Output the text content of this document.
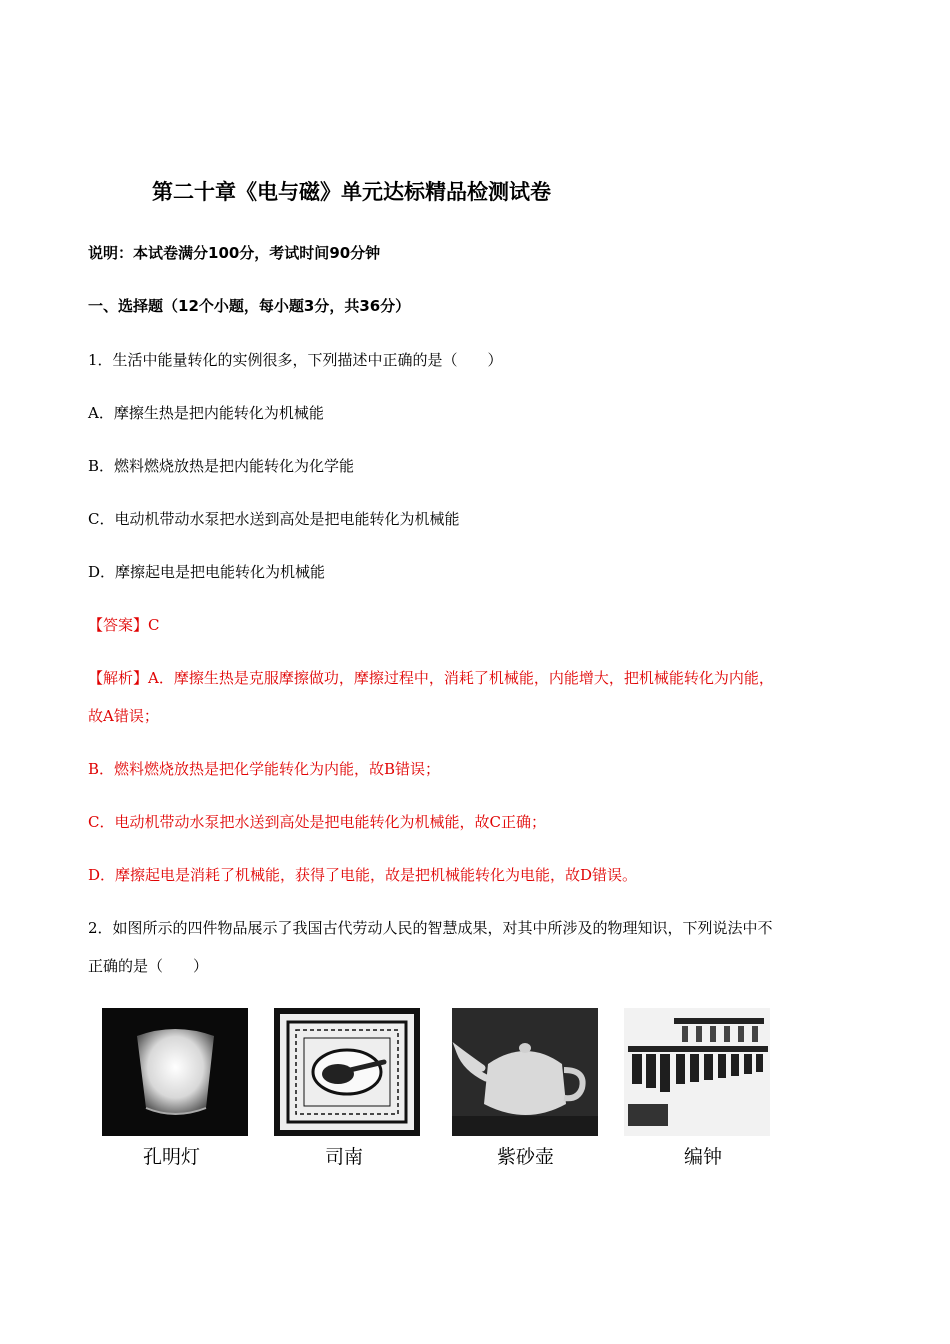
第二十章《电与磁》单元达标精品检测试卷
说明：本试卷满分100分，考试时间90分钟
一、选择题（12个小题，每小题3分，共36分）
1．生活中能量转化的实例很多，下列描述中正确的是（　　）
A．摩擦生热是把内能转化为机械能
B．燃料燃烧放热是把内能转化为化学能
C．电动机带动水泵把水送到高处是把电能转化为机械能
D．摩擦起电是把电能转化为机械能
【答案】C
【解析】A．摩擦生热是克服摩擦做功，摩擦过程中，消耗了机械能，内能增大，把机械能转化为内能，
故A错误；
B．燃料燃烧放热是把化学能转化为内能，故B错误；
C．电动机带动水泵把水送到高处是把电能转化为机械能，故C正确；
D．摩擦起电是消耗了机械能，获得了电能，故是把机械能转化为电能，故D错误。
2．如图所示的四件物品展示了我国古代劳动人民的智慧成果，对其中所涉及的物理知识，下列说法中不
正确的是（　　）
孔明灯	司南	紫砂壶	编钟
